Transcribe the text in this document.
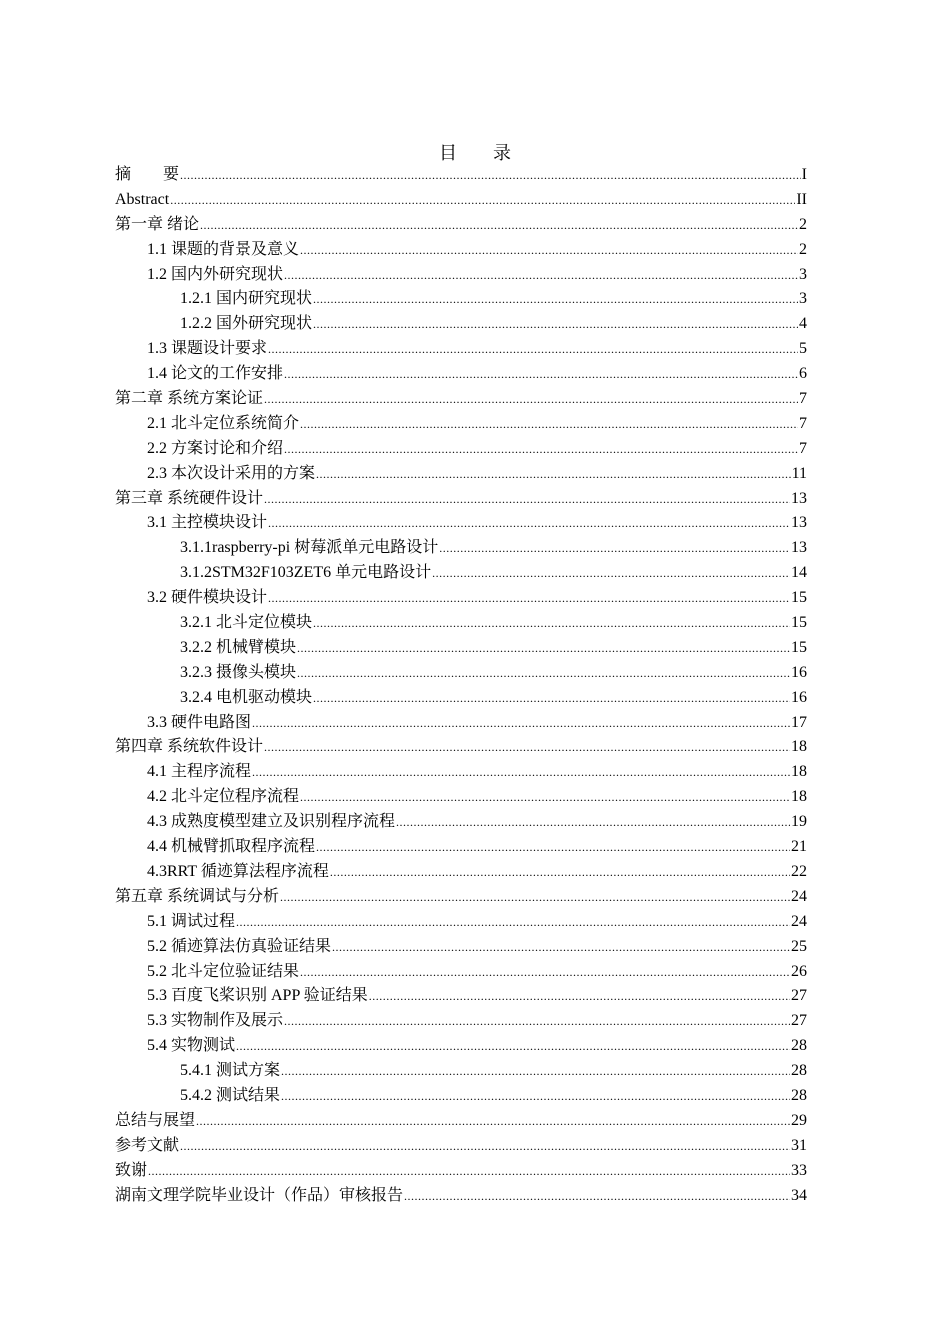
目 录
摘　　要 .....	I
Abstract .....	II
第一章 绪论 .....	2
1.1 课题的背景及意义 .....	2
1.2 国内外研究现状 .....	3
1.2.1 国内研究现状 .....	3
1.2.2 国外研究现状 .....	4
1.3 课题设计要求 .....	5
1.4 论文的工作安排 .....	6
第二章 系统方案论证 .....	7
2.1 北斗定位系统简介 .....	7
2.2 方案讨论和介绍 .....	7
2.3 本次设计采用的方案 .....	11
第三章 系统硬件设计 .....	13
3.1 主控模块设计 .....	13
3.1.1raspberry-pi 树莓派单元电路设计 .....	13
3.1.2STM32F103ZET6 单元电路设计 .....	14
3.2 硬件模块设计 .....	15
3.2.1 北斗定位模块 .....	15
3.2.2 机械臂模块 .....	15
3.2.3 摄像头模块 .....	16
3.2.4 电机驱动模块 .....	16
3.3 硬件电路图 .....	17
第四章 系统软件设计 .....	18
4.1 主程序流程 .....	18
4.2 北斗定位程序流程 .....	18
4.3 成熟度模型建立及识别程序流程 .....	19
4.4 机械臂抓取程序流程 .....	21
4.3RRT 循迹算法程序流程 .....	22
第五章 系统调试与分析 .....	24
5.1 调试过程 .....	24
5.2 循迹算法仿真验证结果 .....	25
5.2 北斗定位验证结果 .....	26
5.3 百度飞桨识别 APP 验证结果 .....	27
5.3 实物制作及展示 .....	27
5.4 实物测试 .....	28
5.4.1 测试方案 .....	28
5.4.2 测试结果 .....	28
总结与展望 .....	29
参考文献 .....	31
致谢 .....	33
湖南文理学院毕业设计（作品）审核报告 .....	34
